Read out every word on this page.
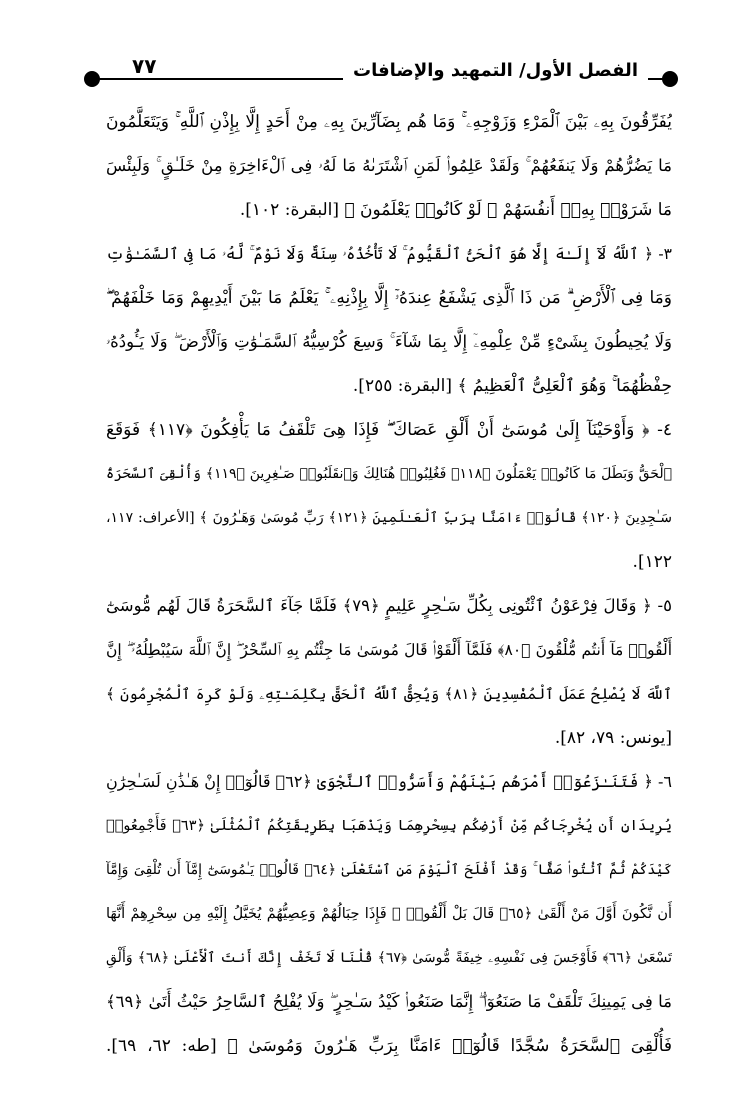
٧٧	الفصل الأول/ التمهيد والإضافات
يُفَرِّقُونَ بِهِۦ بَيْنَ ٱلْمَرْءِ وَزَوْجِهِۦ ۚ وَمَا هُم بِضَآرِّينَ بِهِۦ مِنْ أَحَدٍ إِلَّا بِإِذْنِ ٱللَّهِ ۚ وَيَتَعَلَّمُونَ
مَا يَضُرُّهُمْ وَلَا يَنفَعُهُمْ ۚ وَلَقَدْ عَلِمُوا۟ لَمَنِ ٱشْتَرَىٰهُ مَا لَهُۥ فِى ٱلْءَاخِرَةِ مِنْ خَلَـٰقٍ ۚ وَلَبِئْسَ
مَا شَرَوْا۟ بِهِۦٓ أَنفُسَهُمْ ۚ لَوْ كَانُوا۟ يَعْلَمُونَ ﴾ [البقرة: ١٠٢].
٣- ﴿ ٱللَّهُ لَآ إِلَـٰهَ إِلَّا هُوَ ٱلْحَىُّ ٱلْقَيُّومُ ۚ لَا تَأْخُذُهُۥ سِنَةٌ وَلَا نَوْمٌ ۚ لَّهُۥ مَا فِى ٱلسَّمَـٰوَٰتِ
وَمَا فِى ٱلْأَرْضِ ۗ مَن ذَا ٱلَّذِى يَشْفَعُ عِندَهُۥٓ إِلَّا بِإِذْنِهِۦ ۚ يَعْلَمُ مَا بَيْنَ أَيْدِيهِمْ وَمَا خَلْفَهُمْ ۖ
وَلَا يُحِيطُونَ بِشَىْءٍ مِّنْ عِلْمِهِۦٓ إِلَّا بِمَا شَآءَ ۚ وَسِعَ كُرْسِيُّهُ ٱلسَّمَـٰوَٰتِ وَٱلْأَرْضَ ۖ وَلَا يَـُٔودُهُۥ
حِفْظُهُمَا ۚ وَهُوَ ٱلْعَلِىُّ ٱلْعَظِيمُ ﴾ [البقرة: ٢٥٥].
٤- ﴿ وَأَوْحَيْنَآ إِلَىٰ مُوسَىٰٓ أَنْ أَلْقِ عَصَاكَ ۖ فَإِذَا هِىَ تَلْقَفُ مَا يَأْفِكُونَ ﴿١١٧﴾ فَوَقَعَ
ٱلْحَقُّ وَبَطَلَ مَا كَانُوا۟ يَعْمَلُونَ ﴿١١٨﴾ فَغُلِبُوا۟ هُنَالِكَ وَٱنقَلَبُوا۟ صَـٰغِرِينَ ﴿١١٩﴾ وَأُلْقِىَ ٱلسَّحَرَةُ
سَـٰجِدِينَ ﴿١٢٠﴾ قَالُوٓا۟ ءَامَنَّا بِرَبِّ ٱلْعَـٰلَمِينَ ﴿١٢١﴾ رَبِّ مُوسَىٰ وَهَـٰرُونَ ﴾ [الأعراف: ١١٧،
١٢٢].
٥- ﴿ وَقَالَ فِرْعَوْنُ ٱئْتُونِى بِكُلِّ سَـٰحِرٍ عَلِيمٍ ﴿٧٩﴾ فَلَمَّا جَآءَ ٱلسَّحَرَةُ قَالَ لَهُم مُّوسَىٰٓ
أَلْقُوا۟ مَآ أَنتُم مُّلْقُونَ ﴿٨٠﴾ فَلَمَّآ أَلْقَوْا۟ قَالَ مُوسَىٰ مَا جِئْتُم بِهِ ٱلسِّحْرُ ۖ إِنَّ ٱللَّهَ سَيُبْطِلُهُۥٓ ۖ إِنَّ
ٱللَّهَ لَا يُصْلِحُ عَمَلَ ٱلْمُفْسِدِينَ ﴿٨١﴾ وَيُحِقُّ ٱللَّهُ ٱلْحَقَّ بِكَلِمَـٰتِهِۦ وَلَوْ كَرِهَ ٱلْمُجْرِمُونَ ﴾
[يونس: ٧٩، ٨٢].
٦- ﴿ فَتَنَـٰزَعُوٓا۟ أَمْرَهُم بَيْنَهُمْ وَأَسَرُّوا۟ ٱلنَّجْوَىٰ ﴿٦٢﴾ قَالُوٓا۟ إِنْ هَـٰذَٰنِ لَسَـٰحِرَٰنِ
يُرِيدَانِ أَن يُخْرِجَاكُم مِّنْ أَرْضِكُم بِسِحْرِهِمَا وَيَذْهَبَا بِطَرِيقَتِكُمُ ٱلْمُثْلَىٰ ﴿٦٣﴾ فَأَجْمِعُوا۟
كَيْدَكُمْ ثُمَّ ٱئْتُوا۟ صَفًّا ۚ وَقَدْ أَفْلَحَ ٱلْيَوْمَ مَنِ ٱسْتَعْلَىٰ ﴿٦٤﴾ قَالُوا۟ يَـٰمُوسَىٰٓ إِمَّآ أَن تُلْقِىَ وَإِمَّآ
أَن نَّكُونَ أَوَّلَ مَنْ أَلْقَىٰ ﴿٦٥﴾ قَالَ بَلْ أَلْقُوا۟ ۖ فَإِذَا حِبَالُهُمْ وَعِصِيُّهُمْ يُخَيَّلُ إِلَيْهِ مِن سِحْرِهِمْ أَنَّهَا
تَسْعَىٰ ﴿٦٦﴾ فَأَوْجَسَ فِى نَفْسِهِۦ خِيفَةً مُّوسَىٰ ﴿٦٧﴾ قُلْنَا لَا تَخَفْ إِنَّكَ أَنتَ ٱلْأَعْلَىٰ ﴿٦٨﴾ وَأَلْقِ
مَا فِى يَمِينِكَ تَلْقَفْ مَا صَنَعُوٓا۟ ۖ إِنَّمَا صَنَعُوا۟ كَيْدُ سَـٰحِرٍ ۖ وَلَا يُفْلِحُ ٱلسَّاحِرُ حَيْثُ أَتَىٰ ﴿٦٩﴾
فَأُلْقِىَ ٱلسَّحَرَةُ سُجَّدًا قَالُوٓا۟ ءَامَنَّا بِرَبِّ هَـٰرُونَ وَمُوسَىٰ ﴾ [طه: ٦٢، ٦٩].
